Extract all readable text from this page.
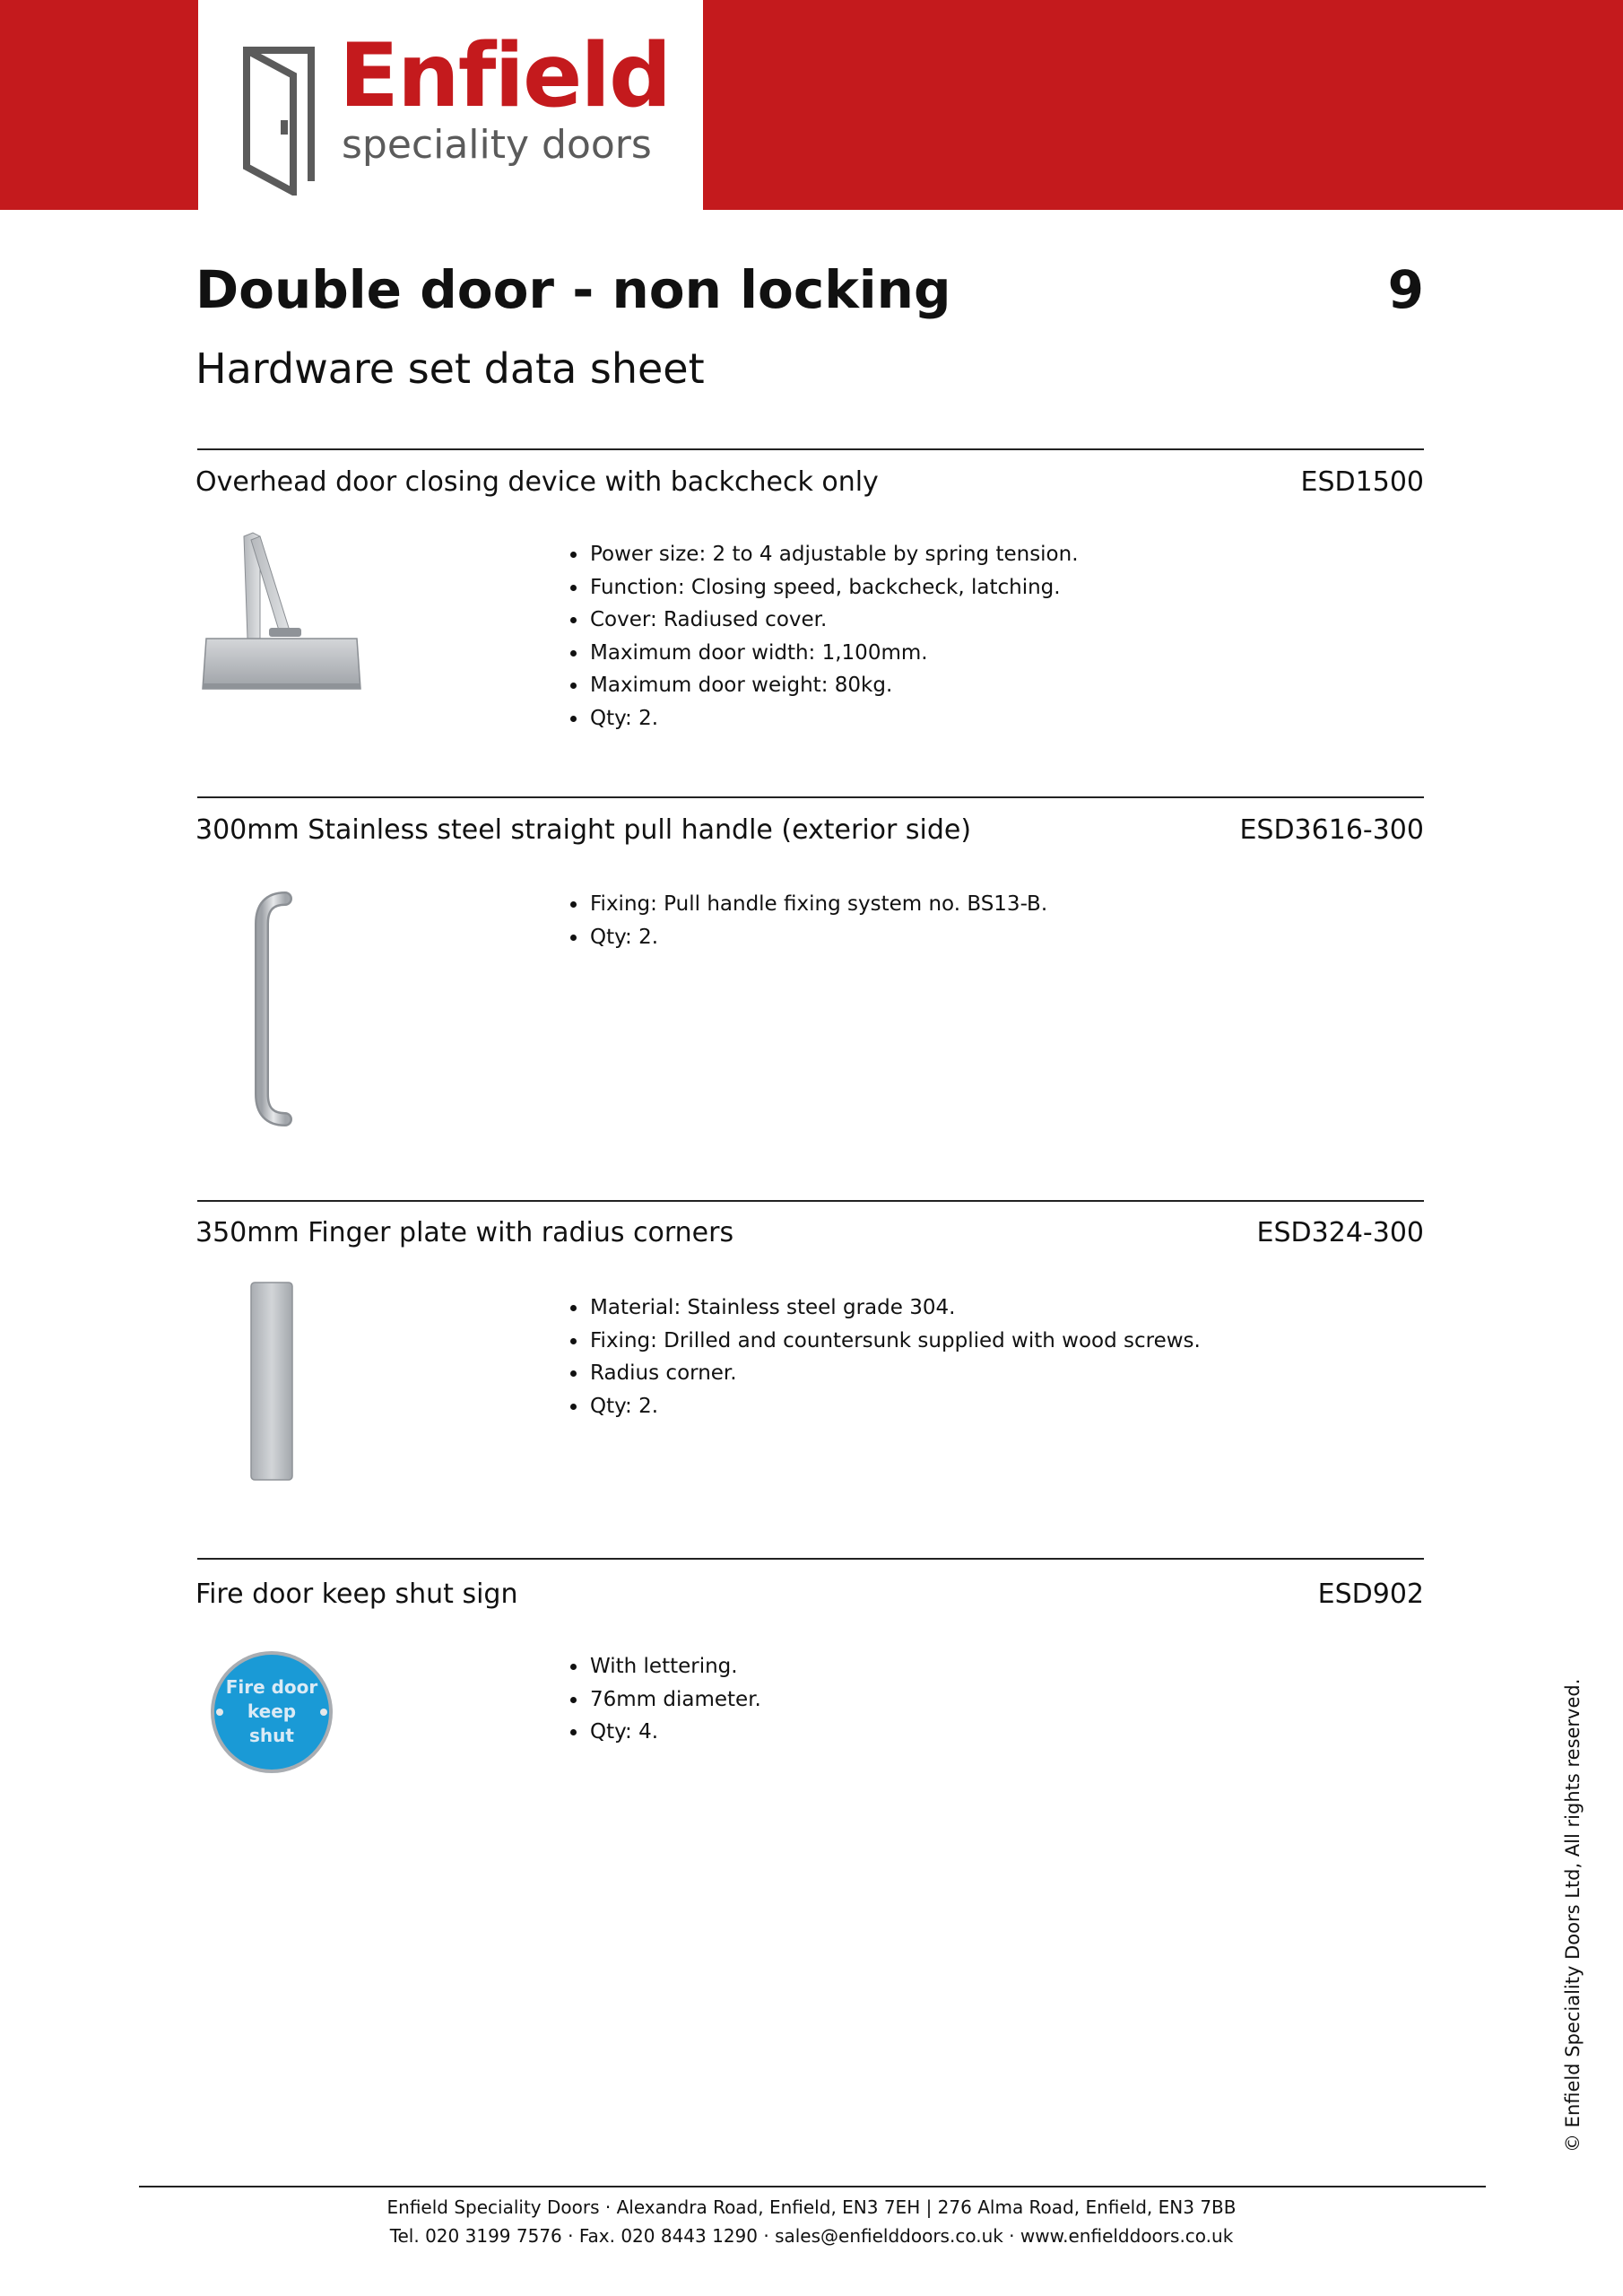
Enfield
speciality doors
Double door - non locking	9
Hardware set data sheet
Overhead door closing device with backcheck only	ESD1500
• Power size: 2 to 4 adjustable by spring tension.
• Function: Closing speed, backcheck, latching.
• Cover: Radiused cover.
• Maximum door width: 1,100mm.
• Maximum door weight: 80kg.
• Qty: 2.
300mm Stainless steel straight pull handle (exterior side)	ESD3616-300
• Fixing: Pull handle fixing system no. BS13-B.
• Qty: 2.
350mm Finger plate with radius corners	ESD324-300
• Material: Stainless steel grade 304.
• Fixing: Drilled and countersunk supplied with wood screws.
• Radius corner.
• Qty: 2.
Fire door keep shut sign	ESD902
Fire door
keep
shut
• With lettering.
• 76mm diameter.
• Qty: 4.	© Enfield Speciality Doors Ltd, All rights reserved.
Enfield Speciality Doors · Alexandra Road, Enfield, EN3 7EH | 276 Alma Road, Enfield, EN3 7BB
Tel. 020 3199 7576 · Fax. 020 8443 1290 · sales@enfielddoors.co.uk · www.enfielddoors.co.uk
